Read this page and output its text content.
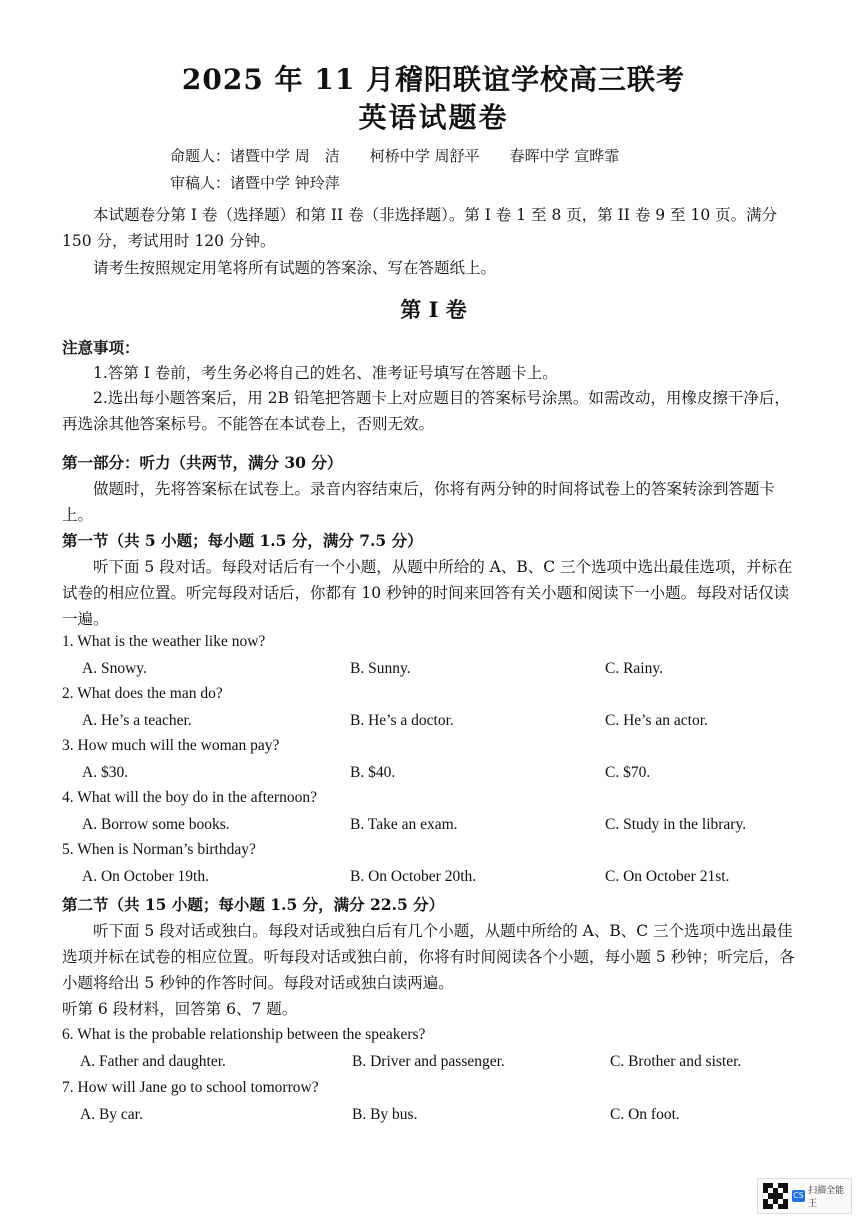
2025 年 11 月稽阳联谊学校高三联考
英语试题卷
命题人：诸暨中学 周　洁　　柯桥中学 周舒平　　春晖中学 宣晔霏
审稿人：诸暨中学 钟玲萍
本试题卷分第 I 卷（选择题）和第 II 卷（非选择题）。第 I 卷 1 至 8 页，第 II 卷 9 至 10 页。满分 150 分，考试用时 120 分钟。
请考生按照规定用笔将所有试题的答案涂、写在答题纸上。
第 I 卷
注意事项：
1.答第 I 卷前，考生务必将自己的姓名、准考证号填写在答题卡上。
2.选出每小题答案后，用 2B 铅笔把答题卡上对应题目的答案标号涂黑。如需改动，用橡皮擦干净后，再选涂其他答案标号。不能答在本试卷上，否则无效。
第一部分：听力（共两节，满分 30 分）
做题时，先将答案标在试卷上。录音内容结束后，你将有两分钟的时间将试卷上的答案转涂到答题卡上。
第一节（共 5 小题；每小题 1.5 分，满分 7.5 分）
听下面 5 段对话。每段对话后有一个小题，从题中所给的 A、B、C 三个选项中选出最佳选项，并标在试卷的相应位置。听完每段对话后，你都有 10 秒钟的时间来回答有关小题和阅读下一小题。每段对话仅读一遍。
1. What is the weather like now?
A. Snowy.	B. Sunny.	C. Rainy.
2. What does the man do?
A. He’s a teacher.	B. He’s a doctor.	C. He’s an actor.
3. How much will the woman pay?
A. $30.	B. $40.	C. $70.
4. What will the boy do in the afternoon?
A. Borrow some books.	B. Take an exam.	C. Study in the library.
5. When is Norman’s birthday?
A. On October 19th.	B. On October 20th.	C. On October 21st.
第二节（共 15 小题；每小题 1.5 分，满分 22.5 分）
听下面 5 段对话或独白。每段对话或独白后有几个小题，从题中所给的 A、B、C 三个选项中选出最佳选项并标在试卷的相应位置。听每段对话或独白前，你将有时间阅读各个小题，每小题 5 秒钟；听完后，各小题将给出 5 秒钟的作答时间。每段对话或独白读两遍。
听第 6 段材料，回答第 6、7 题。
6. What is the probable relationship between the speakers?
A. Father and daughter.	B. Driver and passenger.	C. Brother and sister.
7. How will Jane go to school tomorrow?
A. By car.	B. By bus.	C. On foot.
CS 扫描全能王
